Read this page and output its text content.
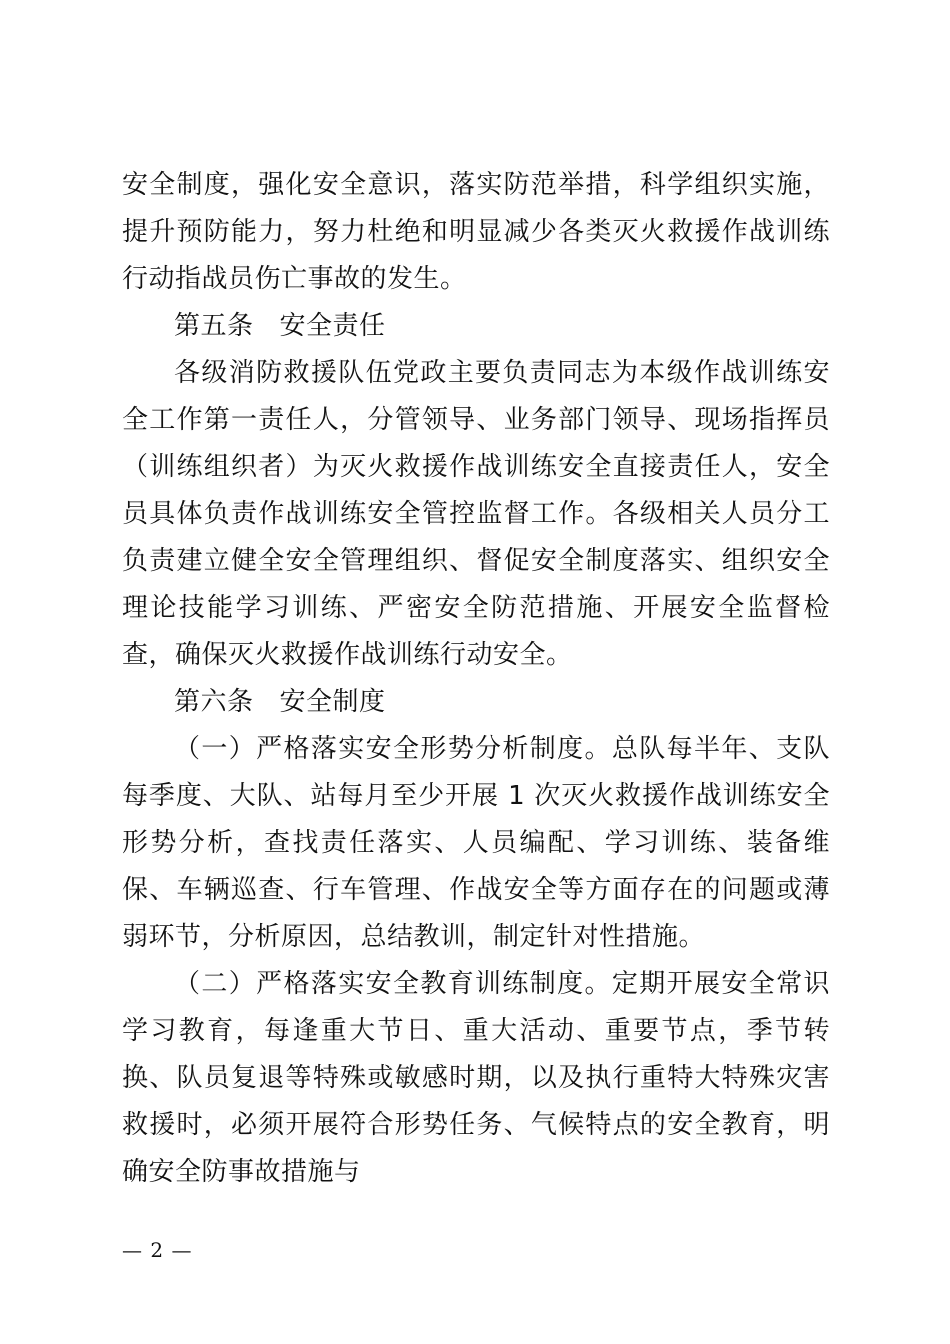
安全制度，强化安全意识，落实防范举措，科学组织实施，提升预防能力，努力杜绝和明显减少各类灭火救援作战训练行动指战员伤亡事故的发生。

第五条 安全责任

各级消防救援队伍党政主要负责同志为本级作战训练安全工作第一责任人，分管领导、业务部门领导、现场指挥员（训练组织者）为灭火救援作战训练安全直接责任人，安全员具体负责作战训练安全管控监督工作。各级相关人员分工负责建立健全安全管理组织、督促安全制度落实、组织安全理论技能学习训练、严密安全防范措施、开展安全监督检查，确保灭火救援作战训练行动安全。

第六条 安全制度

（一）严格落实安全形势分析制度。总队每半年、支队每季度、大队、站每月至少开展 1 次灭火救援作战训练安全形势分析，查找责任落实、人员编配、学习训练、装备维保、车辆巡查、行车管理、作战安全等方面存在的问题或薄弱环节，分析原因，总结教训，制定针对性措施。

（二）严格落实安全教育训练制度。定期开展安全常识学习教育，每逢重大节日、重大活动、重要节点，季节转换、队员复退等特殊或敏感时期，以及执行重特大特殊灾害救援时，必须开展符合形势任务、气候特点的安全教育，明确安全防事故措施与

— 2 —
